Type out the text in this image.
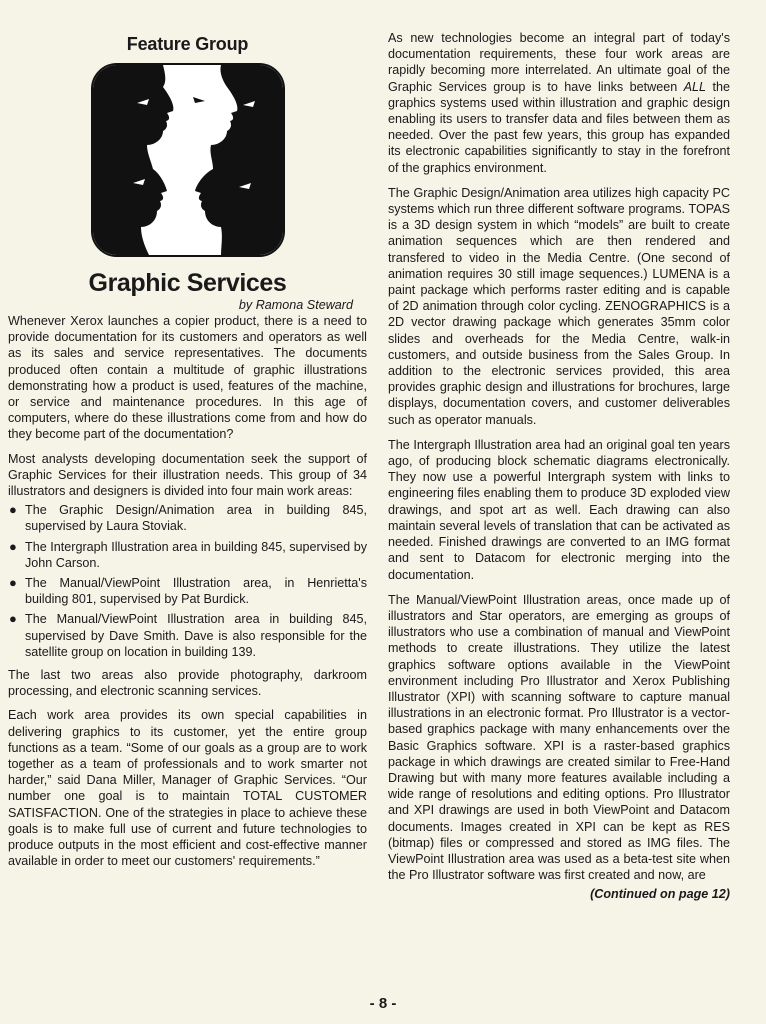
Feature Group
Graphic Services
by Ramona Steward

Whenever Xerox launches a copier product, there is a need to provide documentation for its customers and operators as well as its sales and service representatives. The documents produced often contain a multitude of graphic illustrations demonstrating how a product is used, features of the machine, or service and maintenance procedures. In this age of computers, where do these illustrations come from and how do they become part of the documentation?

Most analysts developing documentation seek the support of Graphic Services for their illustration needs. This group of 34 illustrators and designers is divided into four main work areas:

● The Graphic Design/Animation area in building 845, supervised by Laura Stoviak.
● The Intergraph Illustration area in building 845, supervised by John Carson.
● The Manual/ViewPoint Illustration area, in Henrietta's building 801, supervised by Pat Burdick.
● The Manual/ViewPoint Illustration area in building 845, supervised by Dave Smith. Dave is also responsible for the satellite group on location in building 139.

The last two areas also provide photography, darkroom processing, and electronic scanning services.

Each work area provides its own special capabilities in delivering graphics to its customer, yet the entire group functions as a team. “Some of our goals as a group are to work together as a team of professionals and to work smarter not harder,” said Dana Miller, Manager of Graphic Services. “Our number one goal is to maintain TOTAL CUSTOMER SATISFACTION. One of the strategies in place to achieve these goals is to make full use of current and future technologies to produce outputs in the most efficient and cost-effective manner available in order to meet our customers' requirements.”

As new technologies become an integral part of today's documentation requirements, these four work areas are rapidly becoming more interrelated. An ultimate goal of the Graphic Services group is to have links between ALL the graphics systems used within illustration and graphic design enabling its users to transfer data and files between them as needed. Over the past few years, this group has expanded its electronic capabilities significantly to stay in the forefront of the graphics environment.

The Graphic Design/Animation area utilizes high capacity PC systems which run three different software programs. TOPAS is a 3D design system in which “models” are built to create animation sequences which are then rendered and transfered to video in the Media Centre. (One second of animation requires 30 still image sequences.) LUMENA is a paint package which performs raster editing and is capable of 2D animation through color cycling. ZENOGRAPHICS is a 2D vector drawing package which generates 35mm color slides and overheads for the Media Centre, walk-in customers, and outside business from the Sales Group. In addition to the electronic services provided, this area provides graphic design and illustrations for brochures, large displays, documentation covers, and customer deliverables such as operator manuals.

The Intergraph Illustration area had an original goal ten years ago, of producing block schematic diagrams electronically. They now use a powerful Intergraph system with links to engineering files enabling them to produce 3D exploded view drawings, and spot art as well. Each drawing can also maintain several levels of translation that can be activated as needed. Finished drawings are converted to an IMG format and sent to Datacom for electronic merging into the documentation.

The Manual/ViewPoint Illustration areas, once made up of illustrators and Star operators, are emerging as groups of illustrators who use a combination of manual and ViewPoint methods to create illustrations. They utilize the latest graphics software options available in the ViewPoint environment including Pro Illustrator and Xerox Publishing Illustrator (XPI) with scanning software to capture manual illustrations in an electronic format. Pro Illustrator is a vector-based graphics package with many enhancements over the Basic Graphics software. XPI is a raster-based graphics package in which drawings are created similar to Free-Hand Drawing but with many more features available including a wide range of resolutions and editing options. Pro Illustrator and XPI drawings are used in both ViewPoint and Datacom documents. Images created in XPI can be kept as RES (bitmap) files or compressed and stored as IMG files. The ViewPoint Illustration area was used as a beta-test site when the Pro Illustrator software was first created and now, are

(Continued on page 12)
- 8 -
